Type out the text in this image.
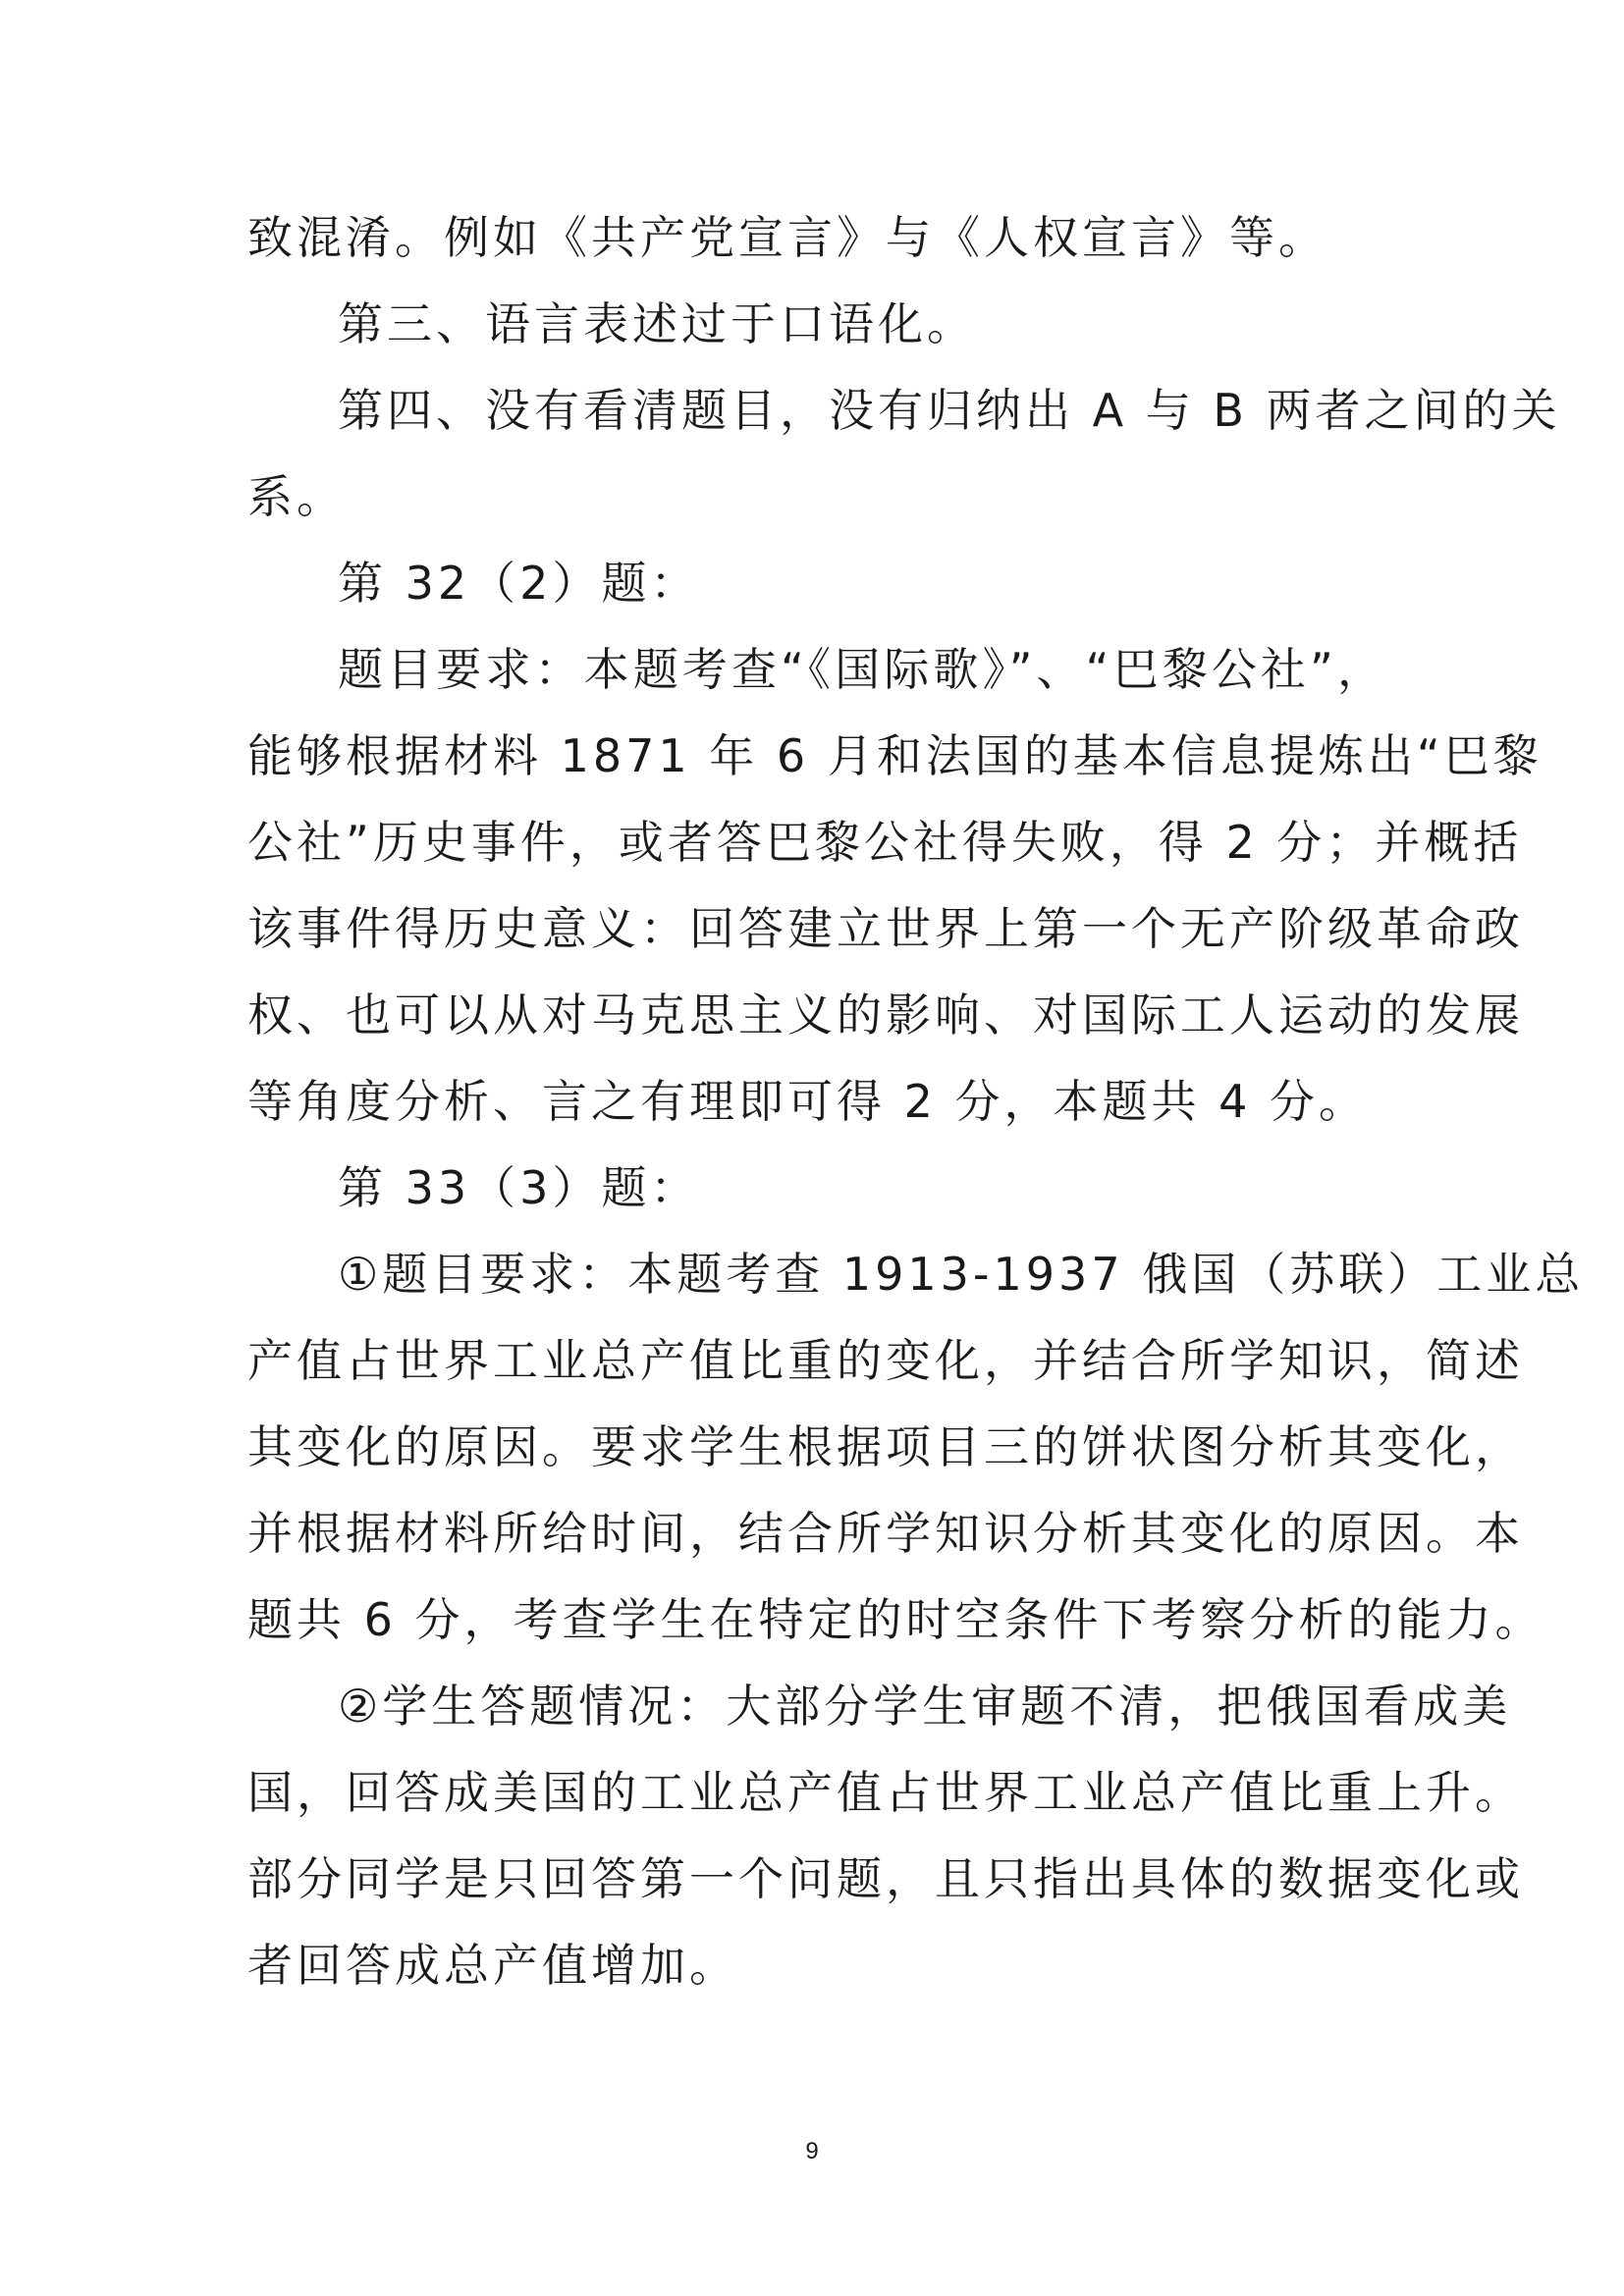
致混淆。例如《共产党宣言》与《人权宣言》等。

第三、语言表述过于口语化。

第四、没有看清题目，没有归纳出 A 与 B 两者之间的关
系。

第 32（2）题：

题目要求：本题考查“《国际歌》”、“巴黎公社”，
能够根据材料 1871 年 6 月和法国的基本信息提炼出“巴黎
公社”历史事件，或者答巴黎公社得失败，得 2 分；并概括
该事件得历史意义：回答建立世界上第一个无产阶级革命政
权、也可以从对马克思主义的影响、对国际工人运动的发展
等角度分析、言之有理即可得 2 分，本题共 4 分。

第 33（3）题：

①题目要求：本题考查 1913-1937 俄国（苏联）工业总
产值占世界工业总产值比重的变化，并结合所学知识，简述
其变化的原因。要求学生根据项目三的饼状图分析其变化，
并根据材料所给时间，结合所学知识分析其变化的原因。本
题共 6 分，考查学生在特定的时空条件下考察分析的能力。

②学生答题情况：大部分学生审题不清，把俄国看成美
国，回答成美国的工业总产值占世界工业总产值比重上升。
部分同学是只回答第一个问题，且只指出具体的数据变化或
者回答成总产值增加。

9
